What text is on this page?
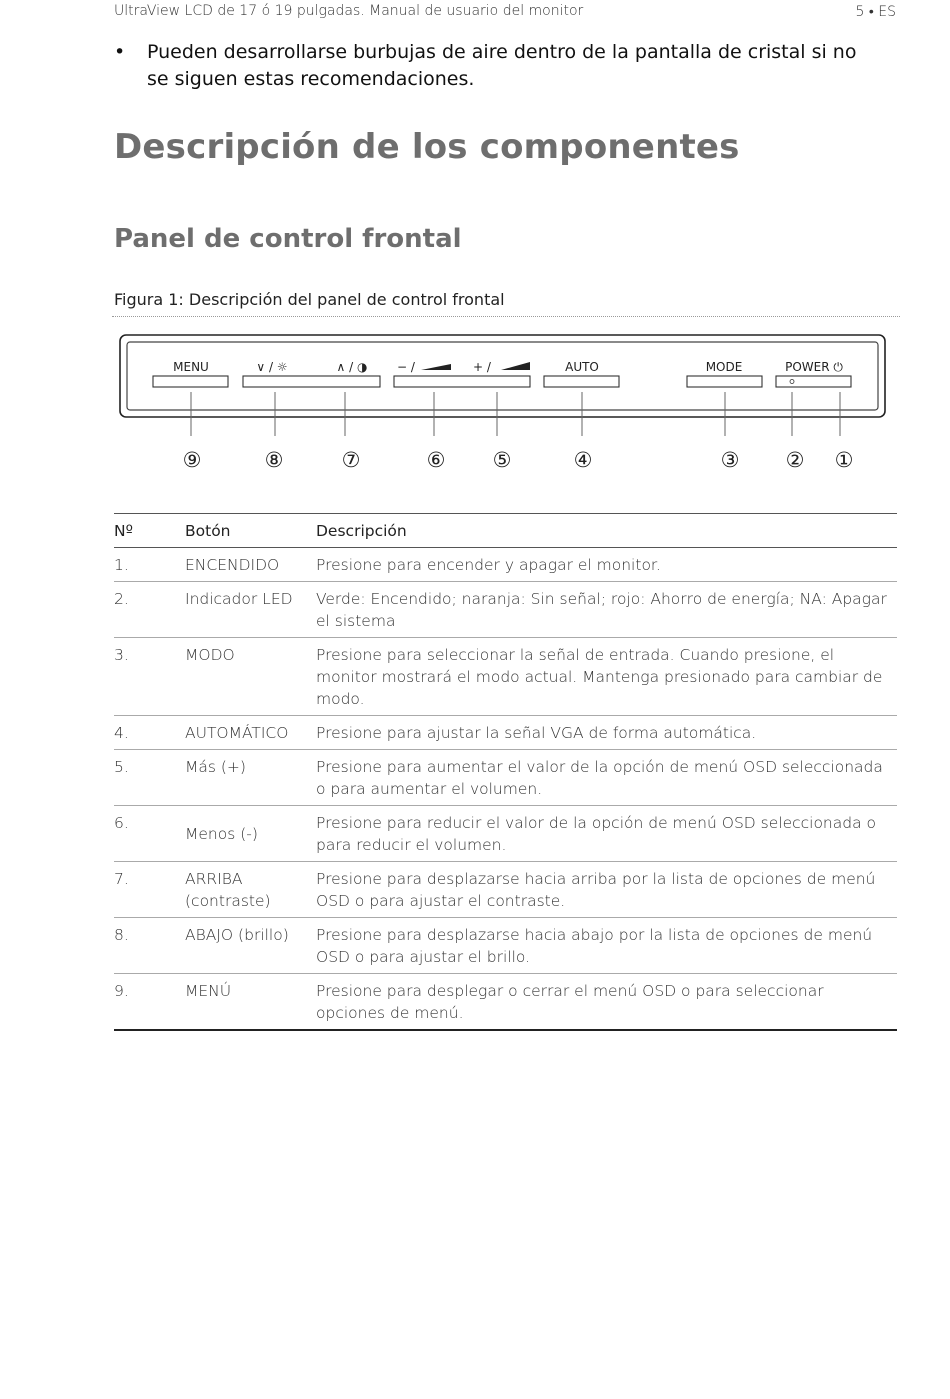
UltraView LCD de 17 ó 19 pulgadas. Manual de usuario del monitor	5 • ES
• Pueden desarrollarse burbujas de aire dentro de la pantalla de cristal si no se siguen estas recomendaciones.
Descripción de los componentes
Panel de control frontal
Figura 1: Descripción del panel de control frontal
MENU	∨ / ☼	∧ / ◑ − /	+ /	AUTO	MODE	POWER ⏻
⑨	⑧	⑦	⑥ ⑤	④	③ ② ①
Nº	Botón	Descripción
1.	ENCENDIDO	Presione para encender y apagar el monitor.
2.	Indicador LED	Verde: Encendido; naranja: Sin señal; rojo: Ahorro de energía; NA: Apagar el sistema
3.	MODO	Presione para seleccionar la señal de entrada. Cuando presione, el monitor mostrará el modo actual. Mantenga presionado para cambiar de modo.
4.	AUTOMÁTICO	Presione para ajustar la señal VGA de forma automática.
5.	Más (+)	Presione para aumentar el valor de la opción de menú OSD seleccionada o para aumentar el volumen.
6.	Menos (-)	Presione para reducir el valor de la opción de menú OSD seleccionada o para reducir el volumen.
7.	ARRIBA (contraste)	Presione para desplazarse hacia arriba por la lista de opciones de menú OSD o para ajustar el contraste.
8.	ABAJO (brillo)	Presione para desplazarse hacia abajo por la lista de opciones de menú OSD o para ajustar el brillo.
9.	MENÚ	Presione para desplegar o cerrar el menú OSD o para seleccionar opciones de menú.
